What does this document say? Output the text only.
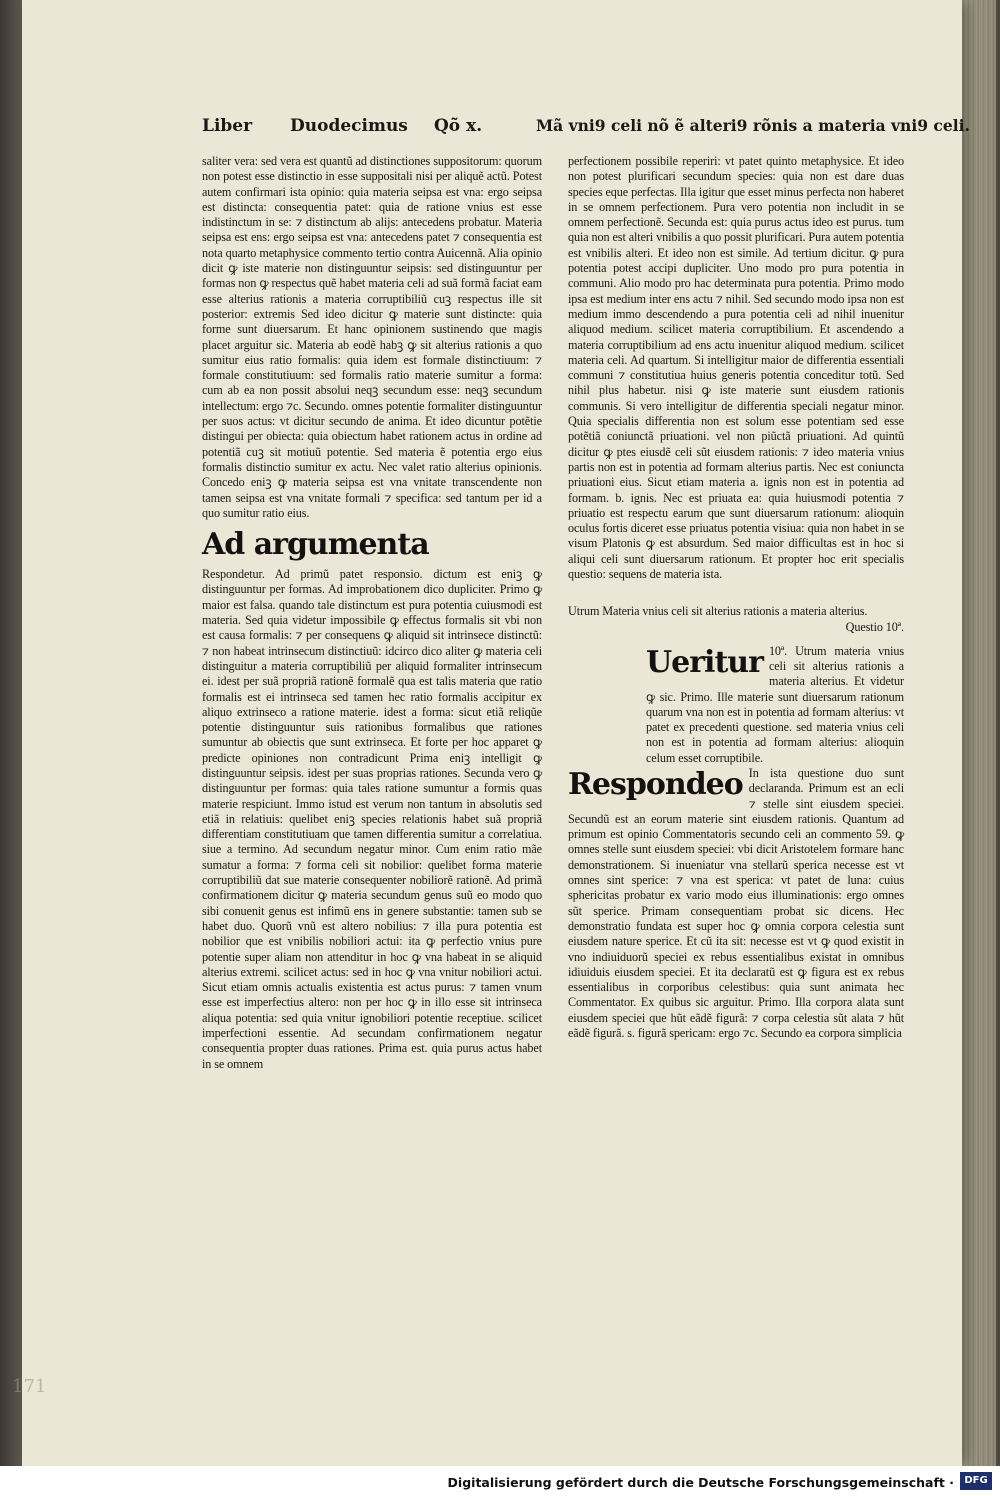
Liber Duodecimus Qõ x.	Mã vni9 celi nõ ẽ alteri9 rõnis a materia vni9 celi.

saliter vera: sed vera est quantũ ad distinctiones suppositorum: quorum non potest esse distinctio in esse suppositali nisi per aliquẽ actũ. Potest autem confirmari ista opinio: quia materia seipsa est vna: ergo seipsa est distincta: consequentia patet: quia de ratione vnius est esse indistinctum in se: ⁊ distinctum ab alijs: antecedens probatur. Materia seipsa est ens: ergo seipsa est vna: antecedens patet ⁊ consequentia est nota quarto metaphysice commento tertio contra Auicennã. Alia opinio dicit ꝙ iste materie non distinguuntur seipsis: sed distinguuntur per formas non ꝙ respectus quẽ habet materia celi ad suã formã faciat eam esse alterius rationis a materia corruptibiliũ cuꝫ respectus ille sit posterior: extremis Sed ideo dicitur ꝙ materie sunt distincte: quia forme sunt diuersarum. Et hanc opinionem sustinendo que magis placet arguitur sic. Materia ab eodẽ habꝫ ꝙ sit alterius rationis a quo sumitur eius ratio formalis: quia idem est formale distinctiuum: ⁊ formale constitutiuum: sed formalis ratio materie sumitur a forma: cum ab ea non possit absolui neqꝫ secundum esse: neqꝫ secundum intellectum: ergo ⁊c. Secundo. omnes potentie formaliter distinguuntur per suos actus: vt dicitur secundo de anima. Et ideo dicuntur potẽtie distingui per obiecta: quia obiectum habet rationem actus in ordine ad potentiã cuꝫ sit motiuũ potentie. Sed materia ẽ potentia ergo eius formalis distinctio sumitur ex actu. Nec valet ratio alterius opinionis. Concedo eniꝫ ꝙ materia seipsa est vna vnitate transcendente non tamen seipsa est vna vnitate formali ⁊ specifica: sed tantum per id a quo sumitur ratio eius.

Ad argumenta

Respondetur. Ad primũ patet responsio. dictum est eniꝫ ꝙ distinguuntur per formas. Ad improbationem dico dupliciter. Primo ꝙ maior est falsa. quando tale distinctum est pura potentia cuiusmodi est materia. Sed quia videtur impossibile ꝙ effectus formalis sit vbi non est causa formalis: ⁊ per consequens ꝙ aliquid sit intrinsece distinctũ: ⁊ non habeat intrinsecum distinctiuũ: idcirco dico aliter ꝙ materia celi distinguitur a materia corruptibiliũ per aliquid formaliter intrinsecum ei. idest per suã propriã rationẽ formalẽ qua est talis materia que ratio formalis est ei intrinseca sed tamen hec ratio formalis accipitur ex aliquo extrinseco a ratione materie. idest a forma: sicut etiã reliqũe potentie distinguuntur suis rationibus formalibus que rationes sumuntur ab obiectis que sunt extrinseca. Et forte per hoc apparet ꝙ predicte opiniones non contradicunt Prima eniꝫ intelligit ꝙ distinguuntur seipsis. idest per suas proprias rationes. Secunda vero ꝙ distinguuntur per formas: quia tales ratione sumuntur a formis quas materie respiciunt. Immo istud est verum non tantum in absolutis sed etiã in relatiuis: quelibet eniꝫ species relationis habet suã propriã differentiam constitutiuam que tamen differentia sumitur a correlatiua. siue a termino. Ad secundum negatur minor. Cum enim ratio mãe sumatur a forma: ⁊ forma celi sit nobilior: quelibet forma materie corruptibiliũ dat sue materie consequenter nobiliorẽ rationẽ. Ad primã confirmationem dicitur ꝙ materia secundum genus suũ eo modo quo sibi conuenit genus est infimũ ens in genere substantie: tamen sub se habet duo. Quorũ vnũ est altero nobilius: ⁊ illa pura potentia est nobilior que est vnibilis nobiliori actui: ita ꝙ perfectio vnius pure potentie super aliam non attenditur in hoc ꝙ vna habeat in se aliquid alterius extremi. scilicet actus: sed in hoc ꝙ vna vnitur nobiliori actui. Sicut etiam omnis actualis existentia est actus purus: ⁊ tamen vnum esse est imperfectius altero: non per hoc ꝙ in illo esse sit intrinseca aliqua potentia: sed quia vnitur ignobiliori potentie receptiue. scilicet imperfectioni essentie. Ad secundam confirmationem negatur consequentia propter duas rationes. Prima est. quia purus actus habet in se omnem

perfectionem possibile reperiri: vt patet quinto metaphysice. Et ideo non potest plurificari secundum species: quia non est dare duas species eque perfectas. Illa igitur que esset minus perfecta non haberet in se omnem perfectionem. Pura vero potentia non includit in se omnem perfectionẽ. Secunda est: quia purus actus ideo est purus. tum quia non est alteri vnibilis a quo possit plurificari. Pura autem potentia est vnibilis alteri. Et ideo non est simile. Ad tertium dicitur. ꝙ pura potentia potest accipi dupliciter. Uno modo pro pura potentia in communi. Alio modo pro hac determinata pura potentia. Primo modo ipsa est medium inter ens actu ⁊ nihil. Sed secundo modo ipsa non est medium immo descendendo a pura potentia celi ad nihil inuenitur aliquod medium. scilicet materia corruptibilium. Et ascendendo a materia corruptibilium ad ens actu inuenitur aliquod medium. scilicet materia celi. Ad quartum. Si intelligitur maior de differentia essentiali communi ⁊ constitutiua huius generis potentia conceditur totũ. Sed nihil plus habetur. nisi ꝙ iste materie sunt eiusdem rationis communis. Si vero intelligitur de differentia speciali negatur minor. Quia specialis differentia non est solum esse potentiam sed esse potẽtiã coniunctã priuationi. vel non piũctã priuationi. Ad quintũ dicitur ꝙ ptes eiusdẽ celi sũt eiusdem rationis: ⁊ ideo materia vnius partis non est in potentia ad formam alterius partis. Nec est coniuncta priuationi eius. Sicut etiam materia a. ignis non est in potentia ad formam. b. ignis. Nec est priuata ea: quia huiusmodi potentia ⁊ priuatio est respectu earum que sunt diuersarum rationum: alioquin oculus fortis diceret esse priuatus potentia visiua: quia non habet in se visum Platonis ꝙ est absurdum. Sed maior difficultas est in hoc si aliqui celi sunt diuersarum rationum. Et propter hoc erit specialis questio: sequens de materia ista.

Utrum Materia vnius celi sit alterius rationis a materia alterius.
Questio 10ª.
Ueritur 10ª. Utrum materia vnius celi sit alterius rationis a materia alterius. Et videtur ꝙ sic. Primo. Ille materie sunt diuersarum rationum quarum vna non est in potentia ad formam alterius: vt patet ex precedenti questione. sed materia vnius celi non est in potentia ad formam alterius: alioquin celum esset corruptibile.

Respondeo In ista questione duo sunt declaranda. Primum est an ecli ⁊ stelle sint eiusdem speciei. Secundũ est an eorum materie sint eiusdem rationis. Quantum ad primum est opinio Commentatoris secundo celi an commento 59. ꝙ omnes stelle sunt eiusdem speciei: vbi dicit Aristotelem formare hanc demonstrationem. Si inueniatur vna stellarũ sperica necesse est vt omnes sint sperice: ⁊ vna est sperica: vt patet de luna: cuius sphericitas probatur ex vario modo eius illuminationis: ergo omnes sũt sperice. Primam consequentiam probat sic dicens. Hec demonstratio fundata est super hoc ꝙ omnia corpora celestia sunt eiusdem nature sperice. Et cũ ita sit: necesse est vt ꝙ quod existit in vno indiuiduorũ speciei ex rebus essentialibus existat in omnibus idiuiduis eiusdem speciei. Et ita declaratũ est ꝙ figura est ex rebus essentialibus in corporibus celestibus: quia sunt animata hec Commentator. Ex quibus sic arguitur. Primo. Illa corpora alata sunt eiusdem speciei que hũt eãdẽ figurã: ⁊ corpa celestia sũt alata ⁊ hũt eãdẽ figurã. s. figurã spericam: ergo ⁊c. Secundo ea corpora simplicia

171
Digitalisierung gefördert durch die Deutsche Forschungsgemeinschaft ·	DFG
